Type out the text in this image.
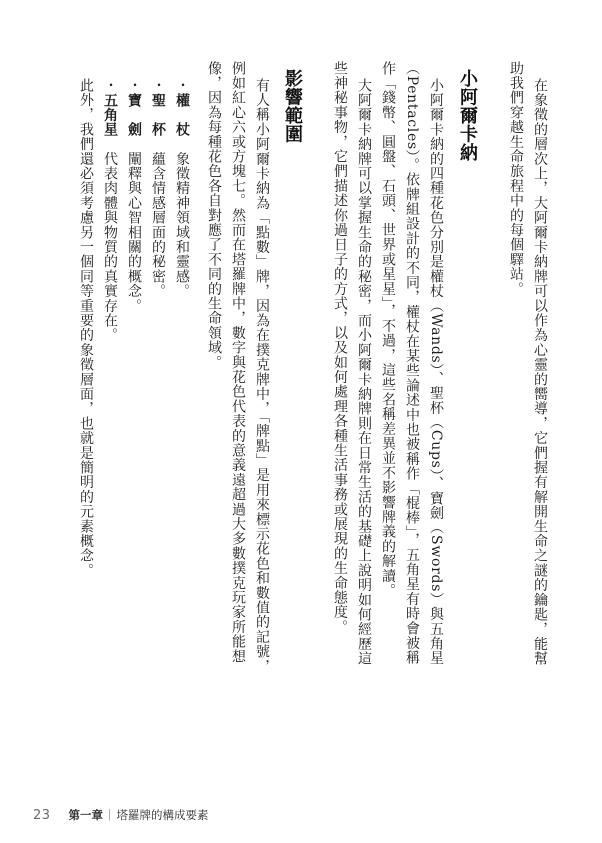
在象徵的層次上，大阿爾卡納牌可以作為心靈的嚮導，它們握有解開生命之謎的鑰匙，能幫
助我們穿越生命旅程中的每個驛站。
小阿爾卡納
小阿爾卡納的四種花色分別是權杖（Wands）、聖杯（Cups）、寶劍（Swords）與五角星
（Pentacles）。依牌組設計的不同，權杖在某些論述中也被稱作「棍棒」，五角星有時會被稱
作「錢幣、圓盤、石頭、世界或星星」，不過，這些名稱差異並不影響牌義的解讀。
大阿爾卡納牌可以掌握生命的秘密，而小阿爾卡納牌則在日常生活的基礎上說明如何經歷這
些神秘事物，它們描述你過日子的方式，以及如何處理各種生活事務或展現的生命態度。
影響範圍
有人稱小阿爾卡納為「點數」牌，因為在撲克牌中，「牌點」是用來標示花色和數值的記號，
例如紅心六或方塊七。然而在塔羅牌中，數字與花色代表的意義遠超過大多數撲克玩家所能想
像，因為每種花色各自對應了不同的生命領域。
・權　杖象徵精神領域和靈感。
・聖　杯蘊含情感層面的秘密。
・寶　劍闡釋與心智相關的概念。
・五角星代表肉體與物質的真實存在。
此外，我們還必須考慮另一個同等重要的象徵層面，也就是簡明的元素概念。
23 第一章 ｜ 塔羅牌的構成要素
